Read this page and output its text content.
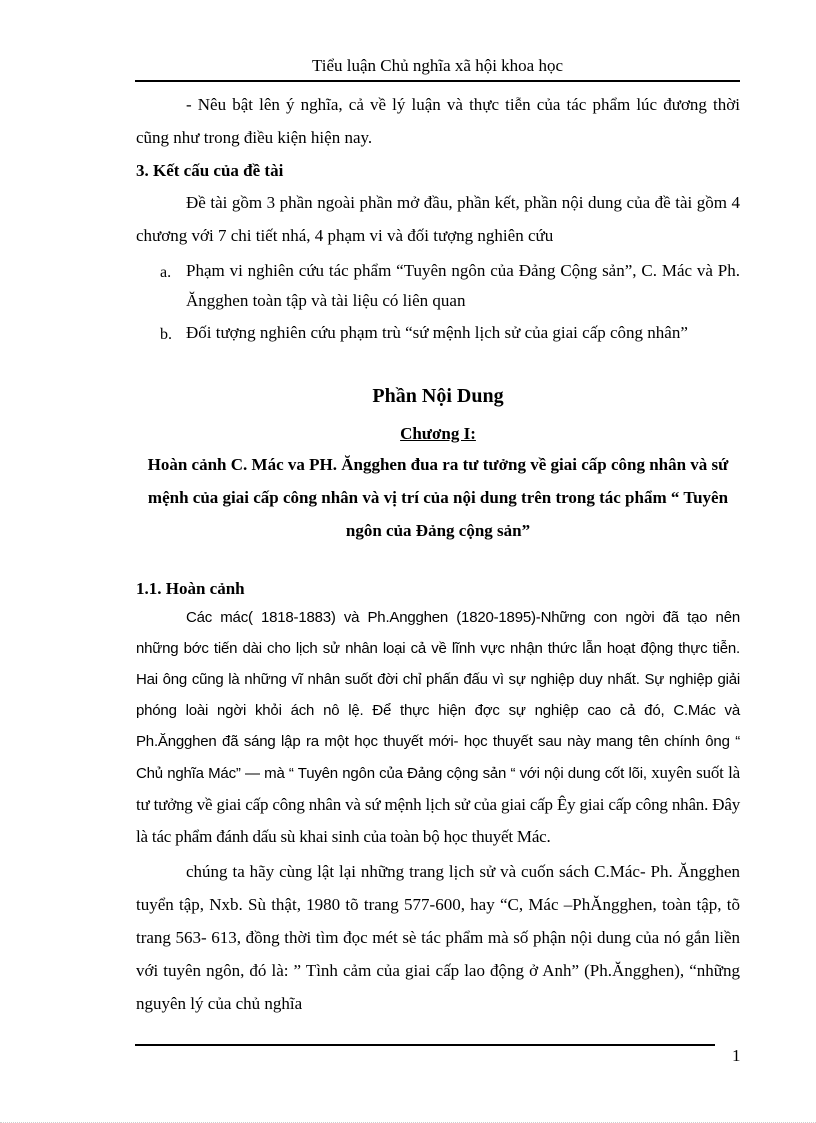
Tiểu luận Chủ nghĩa xã hội khoa học
- Nêu bật lên ý nghĩa, cả về lý luận và thực tiễn của tác phẩm lúc đương thời cũng như trong điều kiện hiện nay.
3. Kết cấu của đề tài
Đề tài gồm 3 phần ngoài phần mở đầu, phần kết, phần nội dung của đề tài gồm 4 chương với 7 chi tiết nhá, 4 phạm vi và đối tượng nghiên cứu
a. Phạm vi nghiên cứu tác phẩm “Tuyên ngôn của Đảng Cộng sản”, C. Mác và Ph. Ăngghen toàn tập và tài liệu có liên quan
b. Đối tượng nghiên cứu phạm trù “sứ mệnh lịch sử của giai cấp công nhân”
Phần Nội Dung
Chương I:
Hoàn cảnh C. Mác va PH. Ăngghen đua ra tư tưởng về giai cấp công nhân và sứ mệnh của giai cấp công nhân và vị trí của nội dung trên trong tác phẩm “ Tuyên ngôn của Đảng cộng sản”
1.1. Hoàn cảnh
Các mác( 1818-1883) và Ph.Angghen (1820-1895)-Những con ngời đã tạo nên những bớc tiến dài cho lịch sử nhân loại cả về lĩnh vực nhận thức lẫn hoạt động thực tiễn. Hai ông cũng là những vĩ nhân suốt đời chỉ phấn đấu vì sự nghiệp duy nhất. Sự nghiệp giải phóng loài ngời khỏi ách nô lệ. Để thực hiện đợc sự nghiệp cao cả đó, C.Mác và Ph.Ăngghen đã sáng lập ra một học thuyết mới- học thuyết sau này mang tên chính ông “ Chủ nghĩa Mác” — mà “ Tuyên ngôn của Đảng cộng sản “ với nội dung cốt lõi, xuyên suốt là tư tưởng về giai cấp công nhân và sứ mệnh lịch sử của giai cấp Êy giai cấp công nhân. Đây là tác phẩm đánh dấu sù khai sinh của toàn bộ học thuyết Mác.
chúng ta hãy cùng lật lại những trang lịch sử và cuốn sách C.Mác- Ph. Ăngghen tuyển tập, Nxb. Sù thật, 1980 tõ trang 577-600, hay “C, Mác –PhĂngghen, toàn tập, tõ trang 563- 613, đồng thời tìm đọc mét sè tác phẩm mà số phận nội dung của nó gắn liền với tuyên ngôn, đó là: ” Tình cảm của giai cấp lao động ở Anh” (Ph.Ăngghen), “những nguyên lý của chủ nghĩa
1
